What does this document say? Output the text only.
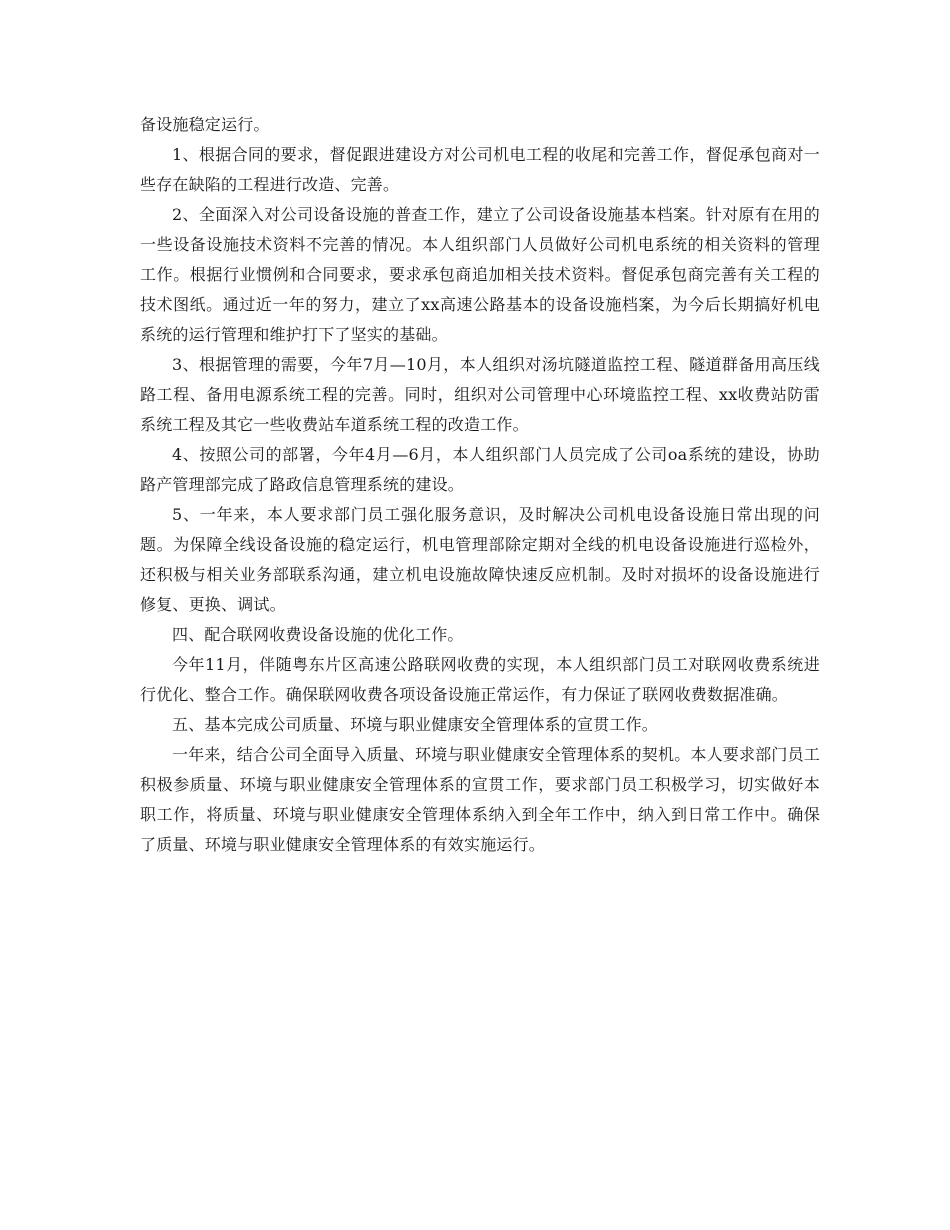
备设施稳定运行。

1、根据合同的要求，督促跟进建设方对公司机电工程的收尾和完善工作，督促承包商对一些存在缺陷的工程进行改造、完善。

2、全面深入对公司设备设施的普查工作，建立了公司设备设施基本档案。针对原有在用的一些设备设施技术资料不完善的情况。本人组织部门人员做好公司机电系统的相关资料的管理工作。根据行业惯例和合同要求，要求承包商追加相关技术资料。督促承包商完善有关工程的技术图纸。通过近一年的努力，建立了xx高速公路基本的设备设施档案，为今后长期搞好机电系统的运行管理和维护打下了坚实的基础。

3、根据管理的需要，今年7月—10月，本人组织对汤坑隧道监控工程、隧道群备用高压线路工程、备用电源系统工程的完善。同时，组织对公司管理中心环境监控工程、xx收费站防雷系统工程及其它一些收费站车道系统工程的改造工作。

4、按照公司的部署，今年4月—6月，本人组织部门人员完成了公司oa系统的建设，协助路产管理部完成了路政信息管理系统的建设。

5、一年来，本人要求部门员工强化服务意识，及时解决公司机电设备设施日常出现的问题。为保障全线设备设施的稳定运行，机电管理部除定期对全线的机电设备设施进行巡检外，还积极与相关业务部联系沟通，建立机电设施故障快速反应机制。及时对损坏的设备设施进行修复、更换、调试。

四、配合联网收费设备设施的优化工作。

今年11月，伴随粤东片区高速公路联网收费的实现，本人组织部门员工对联网收费系统进行优化、整合工作。确保联网收费各项设备设施正常运作，有力保证了联网收费数据准确。

五、基本完成公司质量、环境与职业健康安全管理体系的宣贯工作。

一年来，结合公司全面导入质量、环境与职业健康安全管理体系的契机。本人要求部门员工积极参质量、环境与职业健康安全管理体系的宣贯工作，要求部门员工积极学习，切实做好本职工作，将质量、环境与职业健康安全管理体系纳入到全年工作中，纳入到日常工作中。确保了质量、环境与职业健康安全管理体系的有效实施运行。
